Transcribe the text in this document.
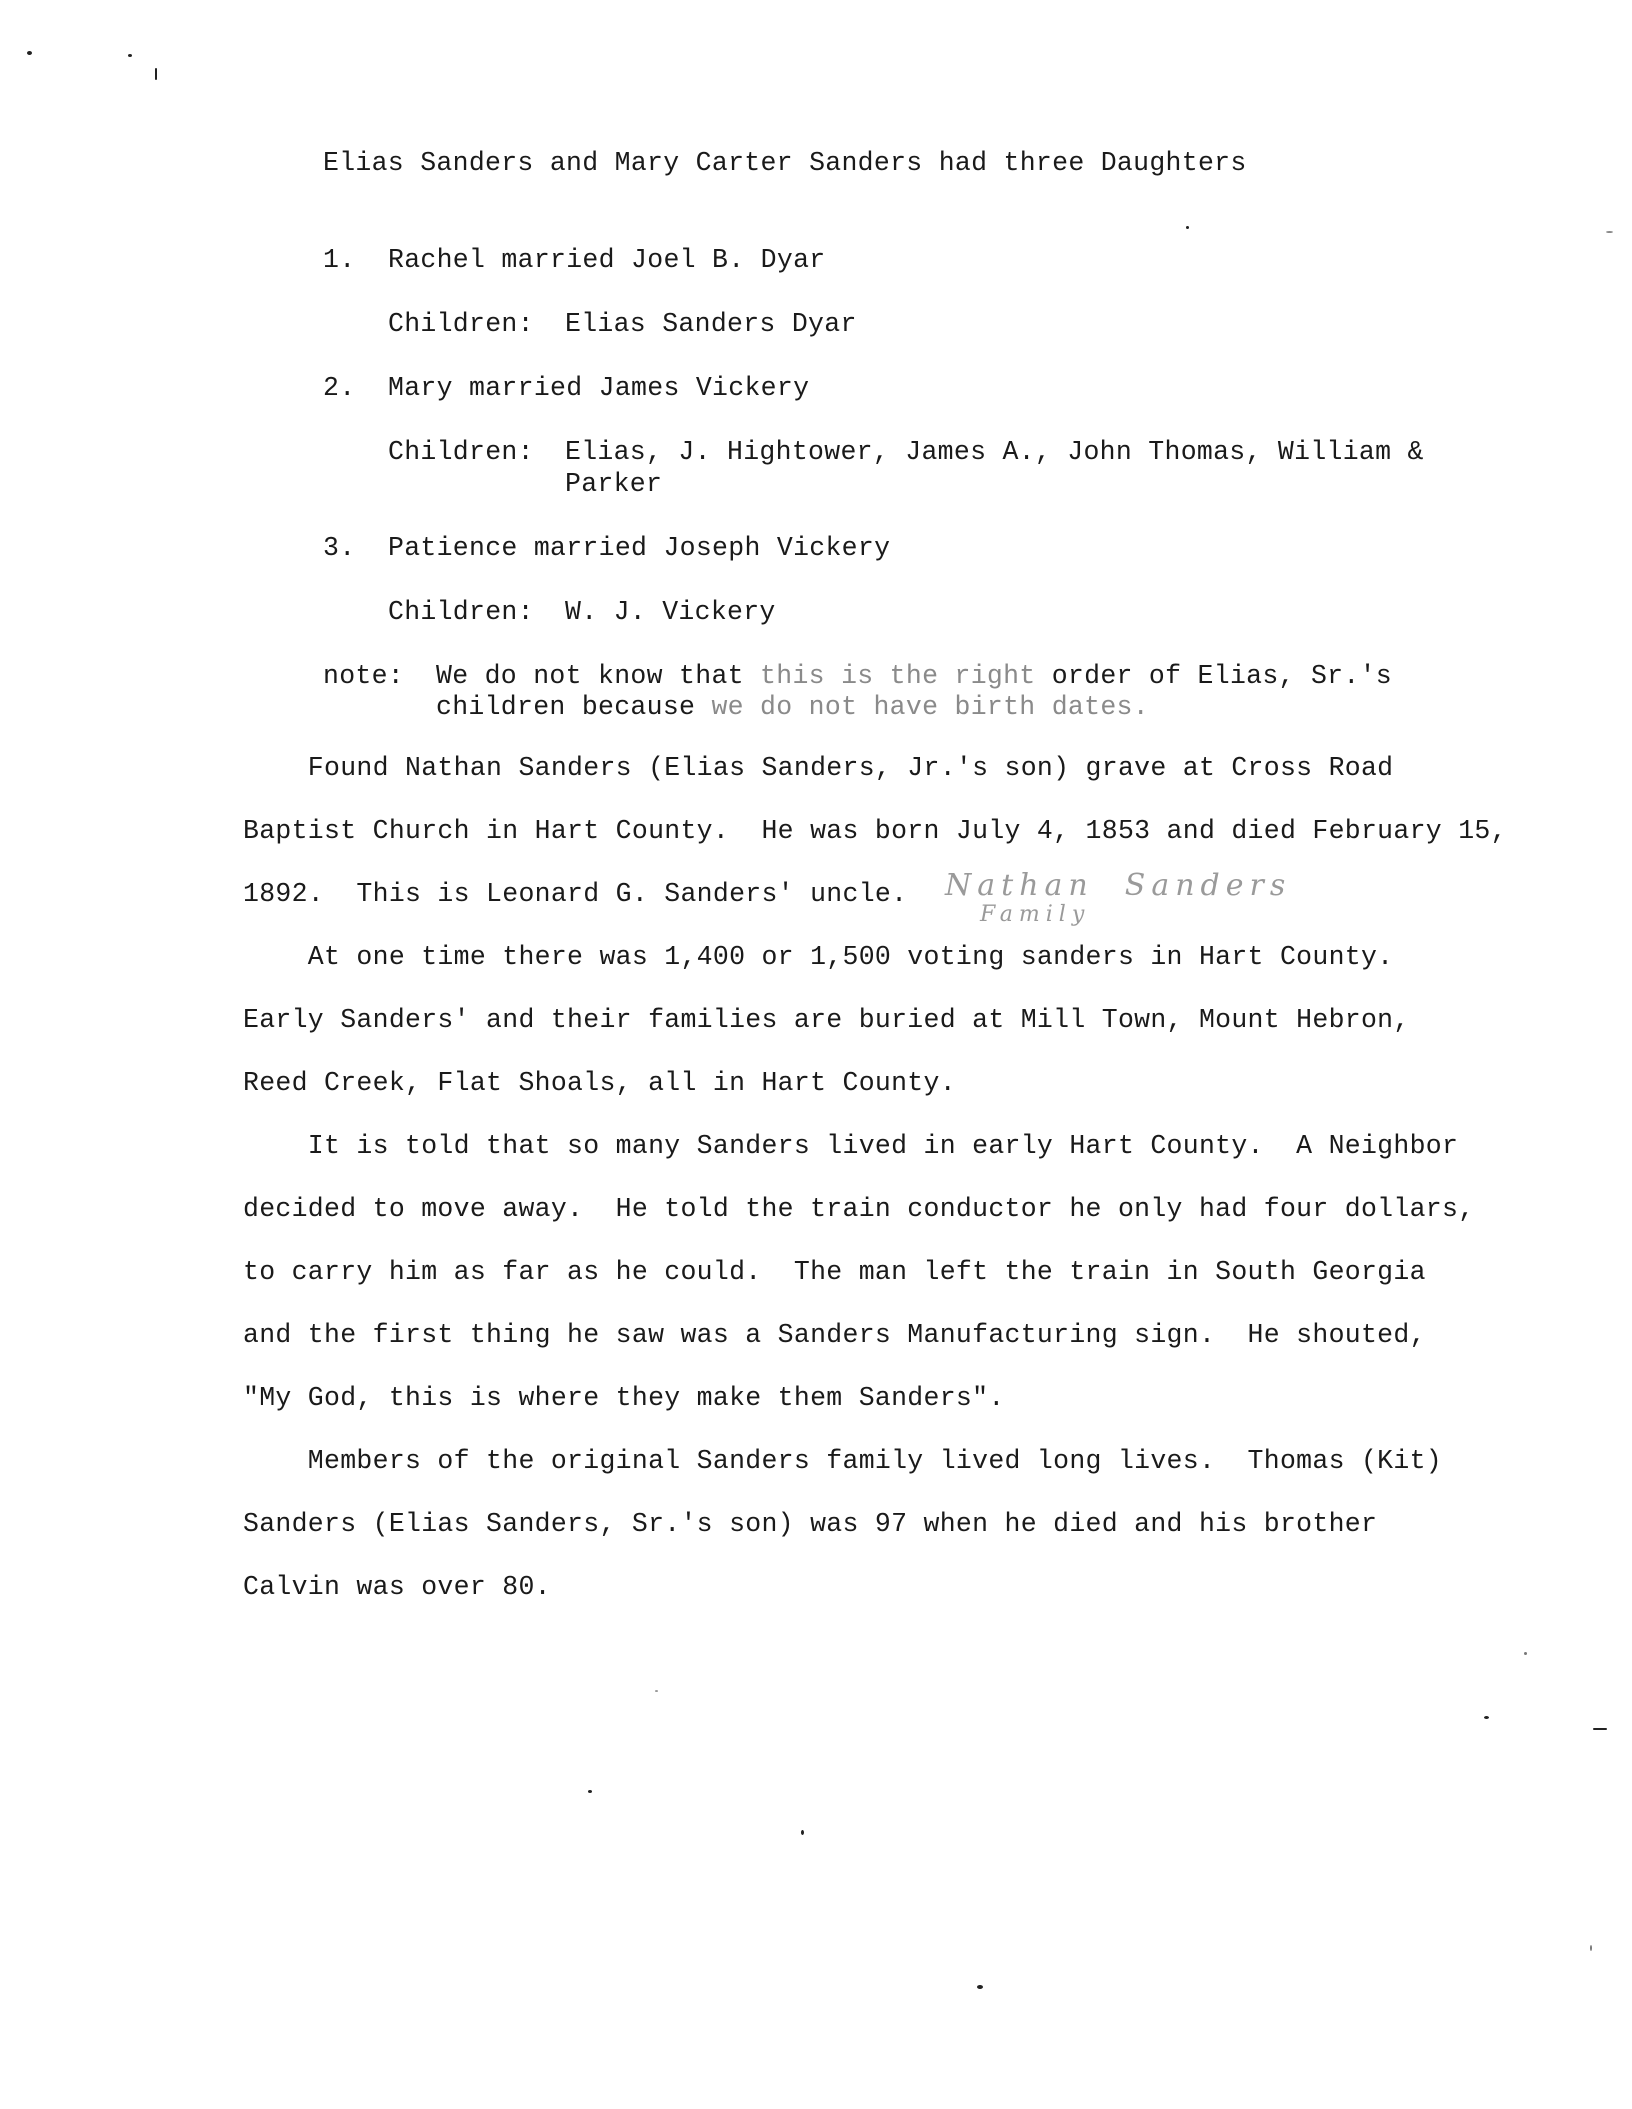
Elias Sanders and Mary Carter Sanders had three Daughters
1. Rachel married Joel B. Dyar
Children: Elias Sanders Dyar
2. Mary married James Vickery
Children: Elias, J. Hightower, James A., John Thomas, William &
Parker
3. Patience married Joseph Vickery
Children: W. J. Vickery
note: We do not know that this is the right order of Elias, Sr.'s
children because we do not have birth dates.
Found Nathan Sanders (Elias Sanders, Jr.'s son) grave at Cross Road
Baptist Church in Hart County.  He was born July 4, 1853 and died February 15,
1892.  This is Leonard G. Sanders' uncle. Nathan  Sanders
Family
At one time there was 1,400 or 1,500 voting sanders in Hart County.
Early Sanders' and their families are buried at Mill Town, Mount Hebron,
Reed Creek, Flat Shoals, all in Hart County.
It is told that so many Sanders lived in early Hart County.  A Neighbor
decided to move away.  He told the train conductor he only had four dollars,
to carry him as far as he could.  The man left the train in South Georgia
and the first thing he saw was a Sanders Manufacturing sign.  He shouted,
"My God, this is where they make them Sanders".
Members of the original Sanders family lived long lives.  Thomas (Kit)
Sanders (Elias Sanders, Sr.'s son) was 97 when he died and his brother
Calvin was over 80.
